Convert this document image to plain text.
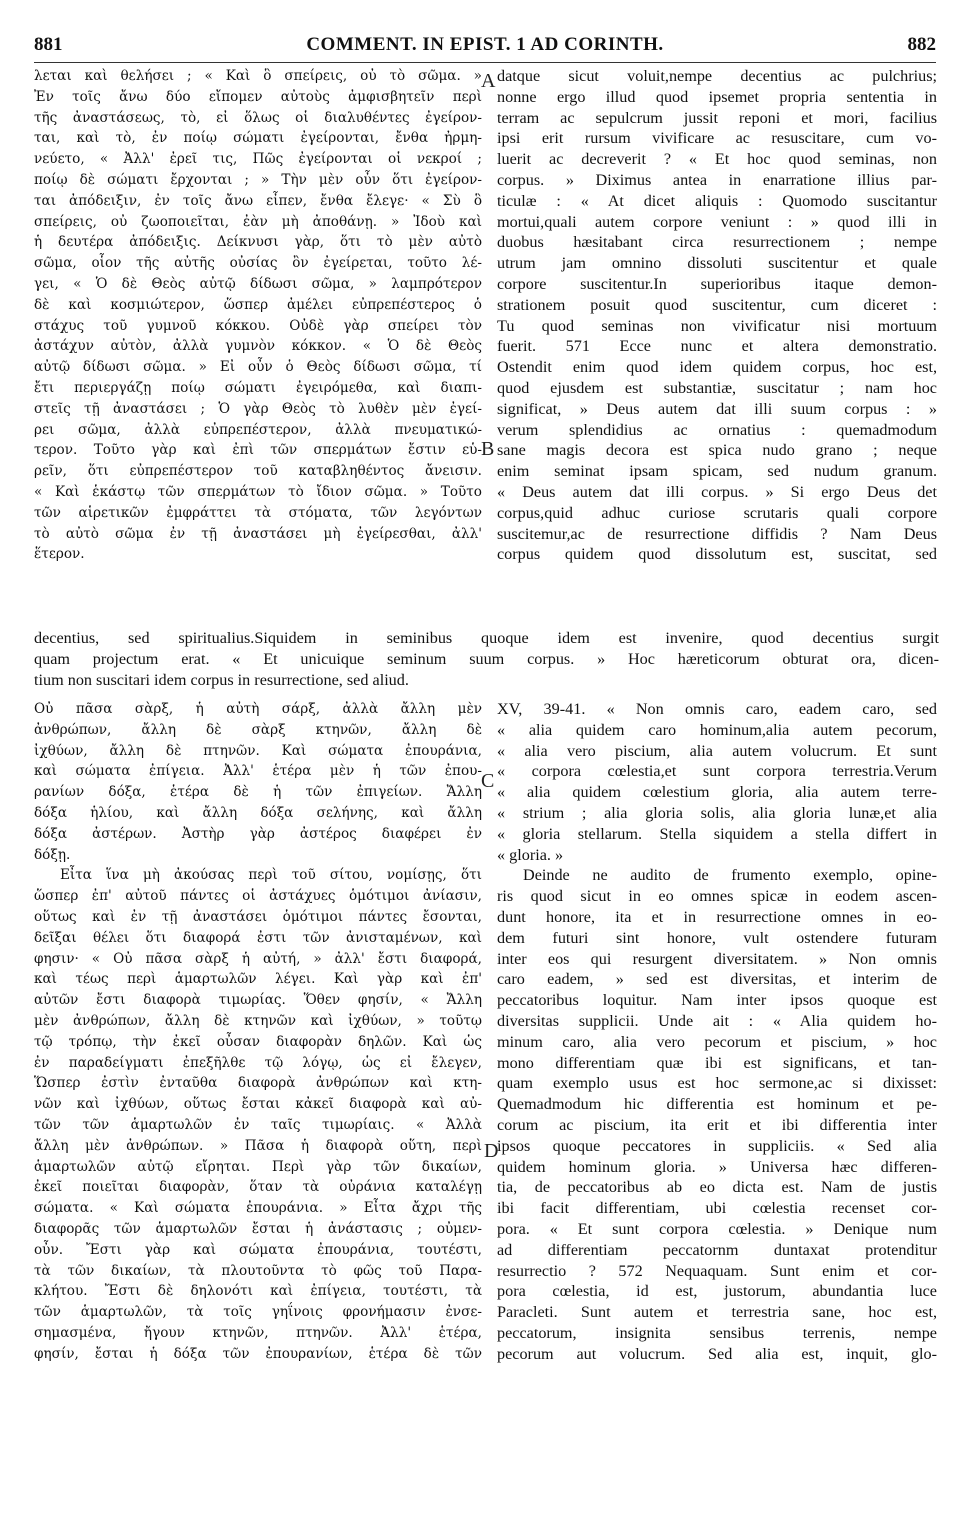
881	COMMENT. IN EPIST. 1 AD CORINTH.	882
A
B
C
D
λεται καὶ θελήσει ; « Καὶ ὃ σπείρεις, οὐ τὸ σῶμα. »
Ἐν τοῖς ἄνω δύο εἴπομεν αὐτοὺς ἀμφισβητεῖν περὶ
τῆς ἀναστάσεως, τὸ, εἰ ὅλως οἱ διαλυθέντες ἐγείρον-
ται, καὶ τὸ, ἐν ποίῳ σώματι ἐγείρονται, ἔνθα ἠρμη-
νεύετο, « Ἀλλ' ἐρεῖ τις, Πῶς ἐγείρονται οἱ νεκροί ;
ποίῳ δὲ σώματι ἔρχονται ; » Τὴν μὲν οὖν ὅτι ἐγείρον-
ται ἀπόδειξιν, ἐν τοῖς ἄνω εἶπεν, ἔνθα ἔλεγε· « Σὺ ὃ
σπείρεις, οὐ ζωοποιεῖται, ἐὰν μὴ ἀποθάνῃ. » Ἰδοὺ καὶ
ἡ δευτέρα ἀπόδειξις. Δείκνυσι γὰρ, ὅτι τὸ μὲν αὐτὸ
σῶμα, οἷον τῆς αὐτῆς οὐσίας ὂν ἐγείρεται, τοῦτο λέ-
γει, « Ὁ δὲ Θεὸς αὐτῷ δίδωσι σῶμα, » λαμπρότερον
δὲ καὶ κοσμιώτερον, ὥσπερ ἀμέλει εὐπρεπέστερος ὁ
στάχυς τοῦ γυμνοῦ κόκκου. Οὐδὲ γὰρ σπείρει τὸν
ἀστάχυν αὐτὸν, ἀλλὰ γυμνὸν κόκκον. « Ὁ δὲ Θεὸς
αὐτῷ δίδωσι σῶμα. » Εἰ οὖν ὁ Θεὸς δίδωσι σῶμα, τί
ἔτι περιεργάζῃ ποίῳ σώματι ἐγειρόμεθα, καὶ διαπι-
στεῖς τῇ ἀναστάσει ; Ὁ γὰρ Θεὸς τὸ λυθὲν μὲν ἐγεί-
ρει σῶμα, ἀλλὰ εὐπρεπέστερον, ἀλλὰ πνευματικώ-
τερον. Τοῦτο γὰρ καὶ ἐπὶ τῶν σπερμάτων ἔστιν εὑ-
ρεῖν, ὅτι εὐπρεπέστερον τοῦ καταβληθέντος ἄνεισιν.
« Καὶ ἑκάστῳ τῶν σπερμάτων τὸ ἴδιον σῶμα. » Τοῦτο
τῶν αἱρετικῶν ἐμφράττει τὰ στόματα, τῶν λεγόντων
τὸ αὐτὸ σῶμα ἐν τῇ ἀναστάσει μὴ ἐγείρεσθαι, ἀλλ'
ἕτερον.
datque sicut voluit,nempe decentius ac pulchrius;
nonne ergo illud quod ipsemet propria sententia in
terram ac sepulcrum jussit reponi et mori, facilius
ipsi erit rursum vivificare ac resuscitare, cum vo-
luerit ac decreverit ? « Et hoc quod seminas, non
corpus. » Diximus antea in enarratione illius par-
ticulæ : « At dicet aliquis : Quomodo suscitantur
mortui,quali autem corpore veniunt : » quod illi in
duobus hæsitabant circa resurrectionem ; nempe
utrum jam omnino dissoluti suscitentur et quale
corpore suscitentur.In superioribus itaque demon-
strationem posuit quod suscitentur, cum diceret :
Tu quod seminas non vivificatur nisi mortuum
fuerit. 571 Ecce nunc et altera demonstratio.
Ostendit enim quod idem quidem corpus, hoc est,
quod ejusdem est substantiæ, suscitatur ; nam hoc
significat, » Deus autem dat illi suum corpus : »
verum splendidius ac ornatius : quemadmodum
sane magis decora est spica nudo grano ; neque
enim seminat ipsam spicam, sed nudum granum.
« Deus autem dat illi corpus. » Si ergo Deus det
corpus,quid adhuc curiose scrutaris quali corpore
suscitemur,ac de resurrectione diffidis ? Nam Deus
corpus quidem quod dissolutum est, suscitat, sed
decentius, sed spiritualius.Siquidem in seminibus quoque idem est invenire, quod decentius surgit
quam projectum erat. « Et unicuique seminum suum corpus. » Hoc hæreticorum obturat ora, dicen-
tium non suscitari idem corpus in resurrectione, sed aliud.
Οὐ πᾶσα σὰρξ, ἡ αὐτὴ σάρξ, ἀλλὰ ἄλλη μὲν
ἀνθρώπων, ἄλλη δὲ σὰρξ κτηνῶν, ἄλλη δὲ
ἰχθύων, ἄλλη δὲ πτηνῶν. Καὶ σώματα ἐπουράνια,
καὶ σώματα ἐπίγεια. Ἀλλ' ἑτέρα μὲν ἡ τῶν ἐπου-
ρανίων δόξα, ἑτέρα δὲ ἡ τῶν ἐπιγείων. Ἄλλη
δόξα ἡλίου, καὶ ἄλλη δόξα σελήνης, καὶ ἄλλη
δόξα ἀστέρων. Ἀστὴρ γὰρ ἀστέρος διαφέρει ἐν
δόξῃ.
Εἶτα ἵνα μὴ ἀκούσας περὶ τοῦ σίτου, νομίσῃς, ὅτι
ὥσπερ ἐπ' αὐτοῦ πάντες οἱ ἀστάχυες ὁμότιμοι ἀνίασιν,
οὕτως καὶ ἐν τῇ ἀναστάσει ὁμότιμοι πάντες ἔσονται,
δεῖξαι θέλει ὅτι διαφορά ἐστι τῶν ἀνισταμένων, καὶ
φησιν· « Οὐ πᾶσα σὰρξ ἡ αὐτή, » ἀλλ' ἔστι διαφορά,
καὶ τέως περὶ ἁμαρτωλῶν λέγει. Καὶ γὰρ καὶ ἐπ'
αὐτῶν ἔστι διαφορὰ τιμωρίας. Ὅθεν φησίν, « Ἄλλη
μὲν ἀνθρώπων, ἄλλη δὲ κτηνῶν καὶ ἰχθύων, » τοῦτῳ
τῷ τρόπῳ, τὴν ἐκεῖ οὖσαν διαφορὰν δηλῶν. Καὶ ὡς
ἐν παραδείγματι ἐπεξῆλθε τῷ λόγῳ, ὡς εἰ ἔλεγεν,
Ὥσπερ ἐστὶν ἐνταῦθα διαφορὰ ἀνθρώπων καὶ κτη-
νῶν καὶ ἰχθύων, οὕτως ἔσται κἀκεῖ διαφορὰ καὶ αὐ-
τῶν τῶν ἁμαρτωλῶν ἐν ταῖς τιμωρίαις. « Ἀλλὰ
ἄλλη μὲν ἀνθρώπων. » Πᾶσα ἡ διαφορὰ οὕτη, περὶ
ἁμαρτωλῶν αὐτῷ εἴρηται. Περὶ γὰρ τῶν δικαίων,
ἐκεῖ ποιεῖται διαφορὰν, ὅταν τὰ οὐράνια καταλέγῃ
σώματα. « Καὶ σώματα ἐπουράνια. » Εἶτα ἄχρι τῆς
διαφορᾶς τῶν ἁμαρτωλῶν ἔσται ἡ ἀνάστασις ; οὐμεν-
οὖν. Ἔστι γὰρ καὶ σώματα ἐπουράνια, τουτέστι,
τὰ τῶν δικαίων, τὰ πλουτοῦντα τὸ φῶς τοῦ Παρα-
κλήτου. Ἔστι δὲ δηλονότι καὶ ἐπίγεια, τουτέστι, τὰ
τῶν ἁμαρτωλῶν, τὰ τοῖς γηΐνοις φρονήμασιν ἐνσε-
σημασμένα, ἤγουν κτηνῶν, πτηνῶν. Ἀλλ' ἑτέρα,
φησίν, ἔσται ἡ δόξα τῶν ἐπουρανίων, ἑτέρα δὲ τῶν
XV, 39-41. « Non omnis caro, eadem caro, sed
« alia quidem caro hominum,alia autem pecorum,
« alia vero piscium, alia autem volucrum. Et sunt
« corpora cœlestia,et sunt corpora terrestria.Verum
« alia quidem cœlestium gloria, alia autem terre-
« strium ; alia gloria solis, alia gloria lunæ,et alia
« gloria stellarum. Stella siquidem a stella differt in
« gloria. »
Deinde ne audito de frumento exemplo, opine-
ris quod sicut in eo omnes spicæ in eodem ascen-
dunt honore, ita et in resurrectione omnes in eo-
dem futuri sint honore, vult ostendere futuram
inter eos qui resurgent diversitatem. » Non omnis
caro eadem, » sed est diversitas, et interim de
peccatoribus loquitur. Nam inter ipsos quoque est
diversitas supplicii. Unde ait : « Alia quidem ho-
minum caro, alia vero pecorum et piscium, » hoc
mono differentiam quæ ibi est significans, et tan-
quam exemplo usus est hoc sermone,ac si dixisset:
Quemadmodum hic differentia est hominum et pe-
corum ac piscium, ita erit et ibi differentia inter
ipsos quoque peccatores in suppliciis. « Sed alia
quidem hominum gloria. » Universa hæc differen-
tia, de peccatoribus ab eo dicta est. Nam de justis
ibi facit differentiam, ubi cœlestia recenset cor-
pora. « Et sunt corpora cœlestia. » Denique num
ad differentiam peccatornm duntaxat protenditur
resurrectio ? 572 Nequaquam. Sunt enim et cor-
pora cœlestia, id est, justorum, abundantia luce
Paracleti. Sunt autem et terrestria sane, hoc est,
peccatorum, insignita sensibus terrenis, nempe
pecorum aut volucrum. Sed alia est, inquit, glo-
